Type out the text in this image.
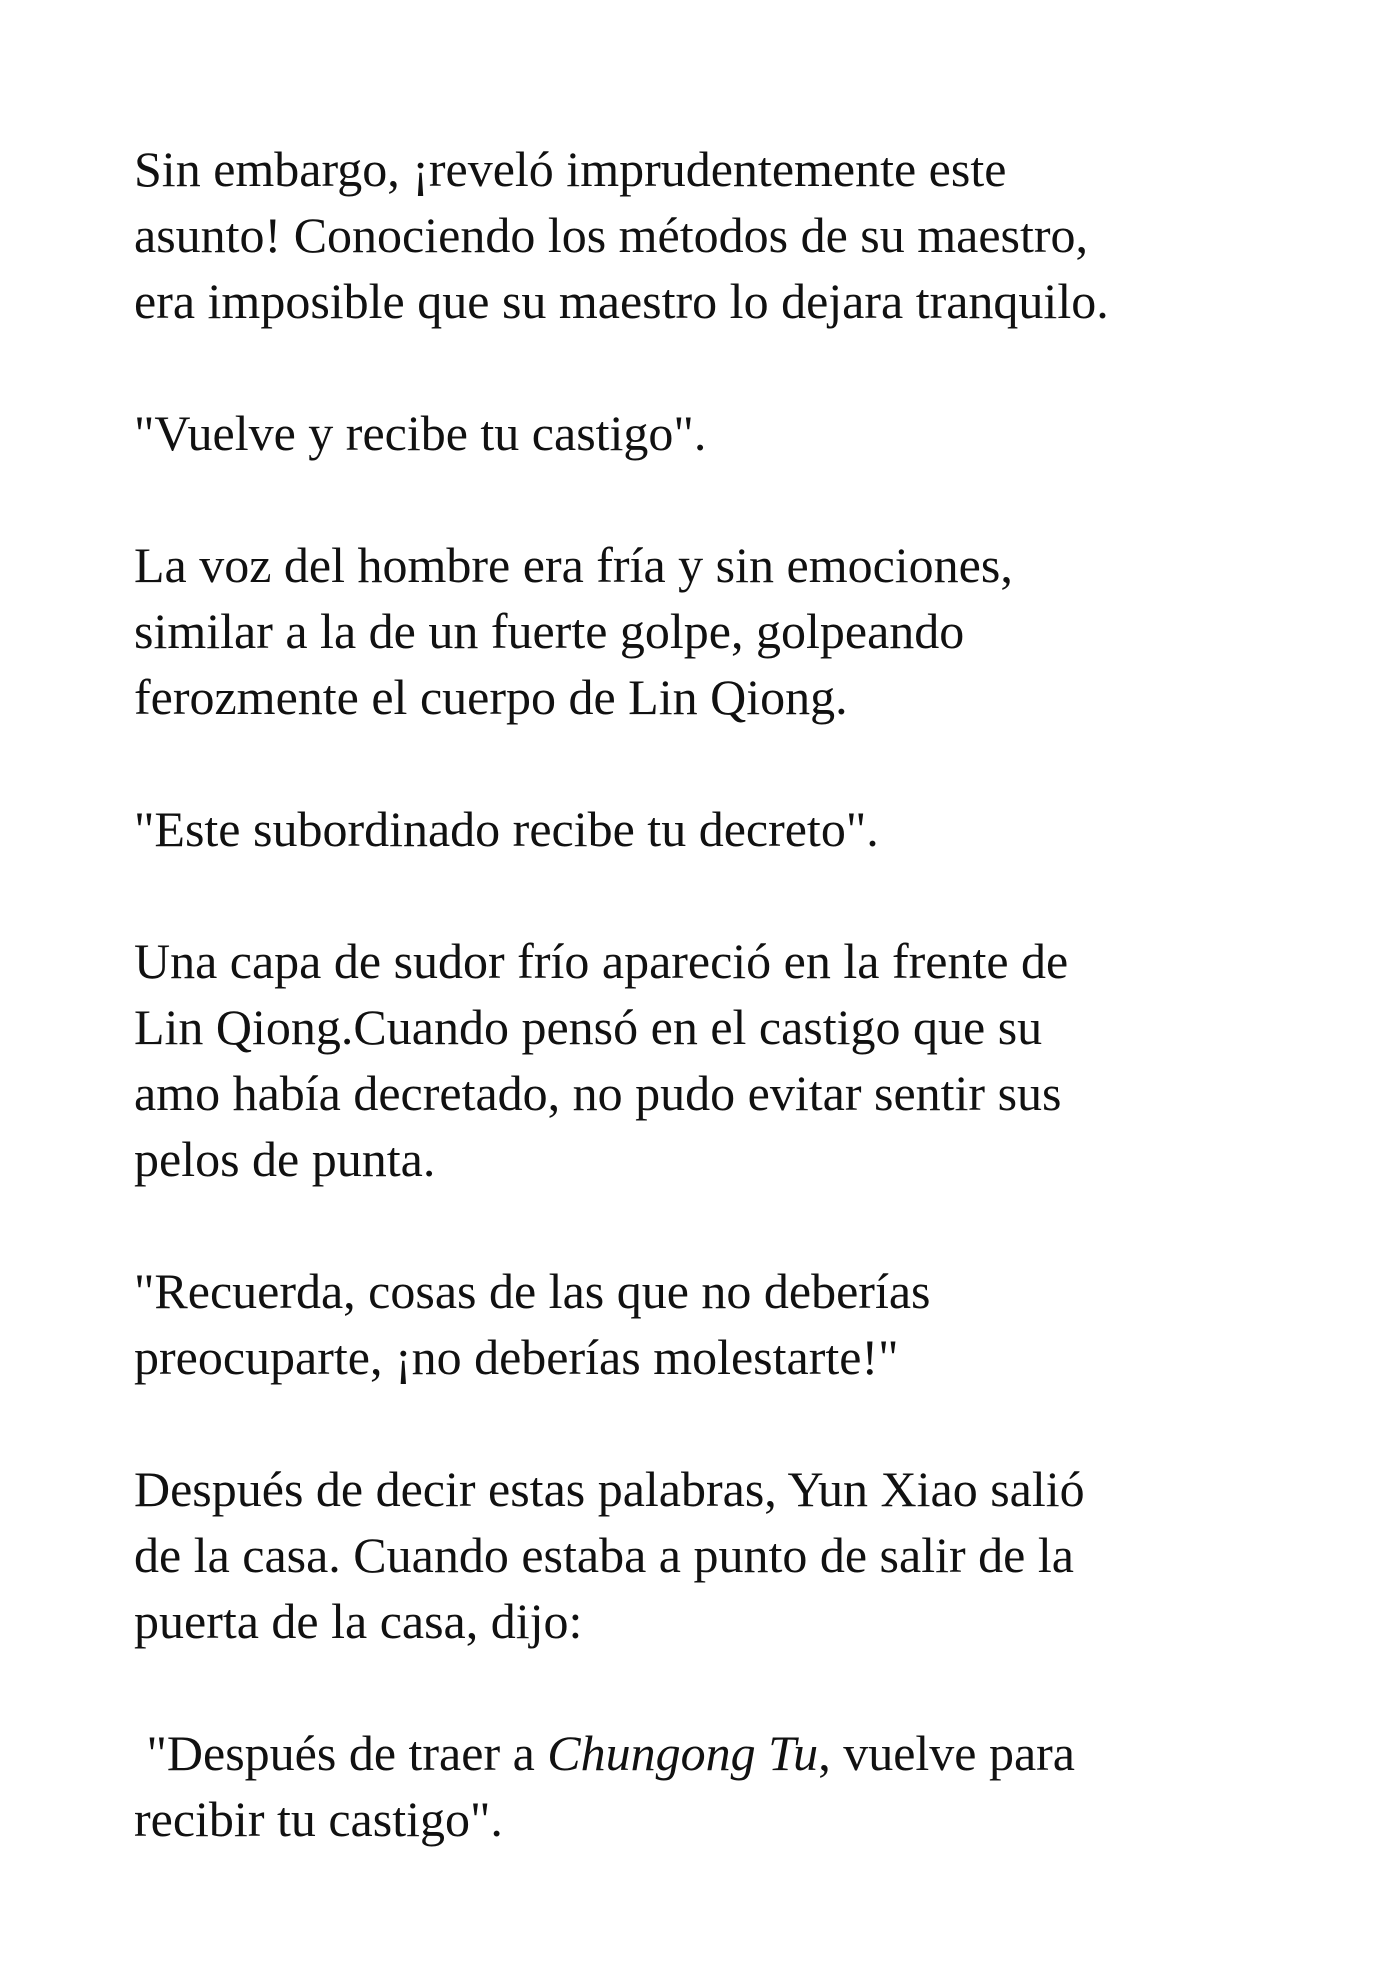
Sin embargo, ¡reveló imprudentemente este
asunto! Conociendo los métodos de su maestro,
era imposible que su maestro lo dejara tranquilo.

"Vuelve y recibe tu castigo".

La voz del hombre era fría y sin emociones,
similar a la de un fuerte golpe, golpeando
ferozmente el cuerpo de Lin Qiong.

"Este subordinado recibe tu decreto".

Una capa de sudor frío apareció en la frente de
Lin Qiong.Cuando pensó en el castigo que su
amo había decretado, no pudo evitar sentir sus
pelos de punta.

"Recuerda, cosas de las que no deberías
preocuparte, ¡no deberías molestarte!"

Después de decir estas palabras, Yun Xiao salió
de la casa. Cuando estaba a punto de salir de la
puerta de la casa, dijo:

"Después de traer a Chungong Tu, vuelve para
recibir tu castigo".
